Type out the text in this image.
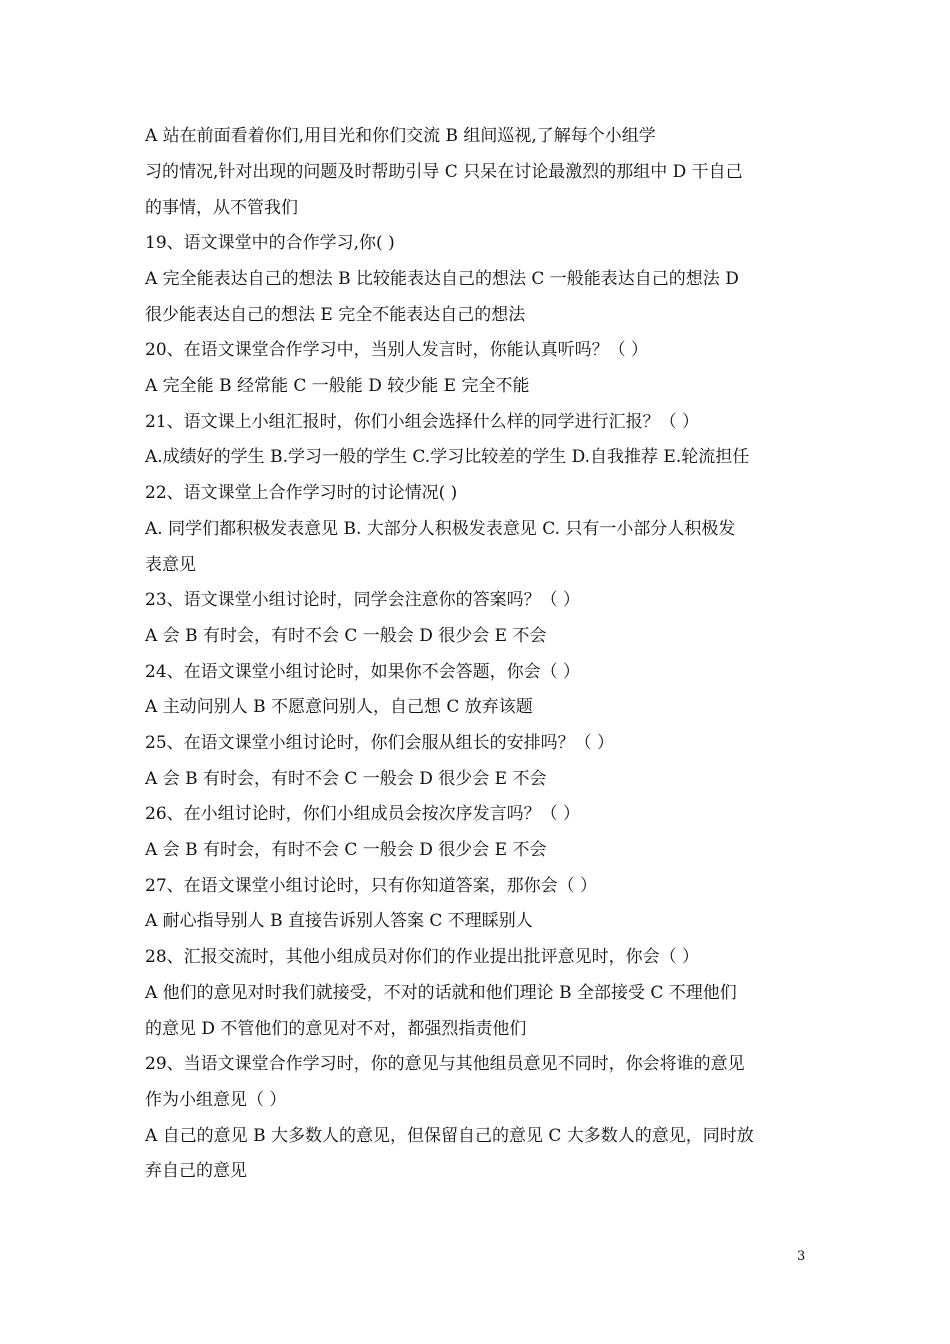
A 站在前面看着你们,用目光和你们交流 B 组间巡视,了解每个小组学
习的情况,针对出现的问题及时帮助引导 C 只呆在讨论最激烈的那组中 D 干自己
的事情，从不管我们
19、语文课堂中的合作学习,你( )
A 完全能表达自己的想法 B 比较能表达自己的想法 C 一般能表达自己的想法 D
很少能表达自己的想法 E 完全不能表达自己的想法
20、在语文课堂合作学习中，当别人发言时，你能认真听吗？（ ）
A 完全能 B 经常能 C 一般能 D 较少能 E 完全不能
21、语文课上小组汇报时，你们小组会选择什么样的同学进行汇报？（ ）
A.成绩好的学生 B.学习一般的学生 C.学习比较差的学生 D.自我推荐 E.轮流担任
22、语文课堂上合作学习时的讨论情况( )
A. 同学们都积极发表意见 B. 大部分人积极发表意见 C. 只有一小部分人积极发
表意见
23、语文课堂小组讨论时，同学会注意你的答案吗？（ ）
A 会 B 有时会，有时不会 C 一般会 D 很少会 E 不会
24、在语文课堂小组讨论时，如果你不会答题，你会（ ）
A 主动问别人 B 不愿意问别人，自己想 C 放弃该题
25、在语文课堂小组讨论时，你们会服从组长的安排吗？（ ）
A 会 B 有时会，有时不会 C 一般会 D 很少会 E 不会
26、在小组讨论时，你们小组成员会按次序发言吗？（ ）
A 会 B 有时会，有时不会 C 一般会 D 很少会 E 不会
27、在语文课堂小组讨论时，只有你知道答案，那你会（ ）
A 耐心指导别人 B 直接告诉别人答案 C 不理睬别人
28、汇报交流时，其他小组成员对你们的作业提出批评意见时，你会（ ）
A 他们的意见对时我们就接受，不对的话就和他们理论 B 全部接受 C 不理他们
的意见 D 不管他们的意见对不对，都强烈指责他们
29、当语文课堂合作学习时，你的意见与其他组员意见不同时，你会将谁的意见
作为小组意见（ ）
A 自己的意见 B 大多数人的意见，但保留自己的意见 C 大多数人的意见，同时放
弃自己的意见
3
